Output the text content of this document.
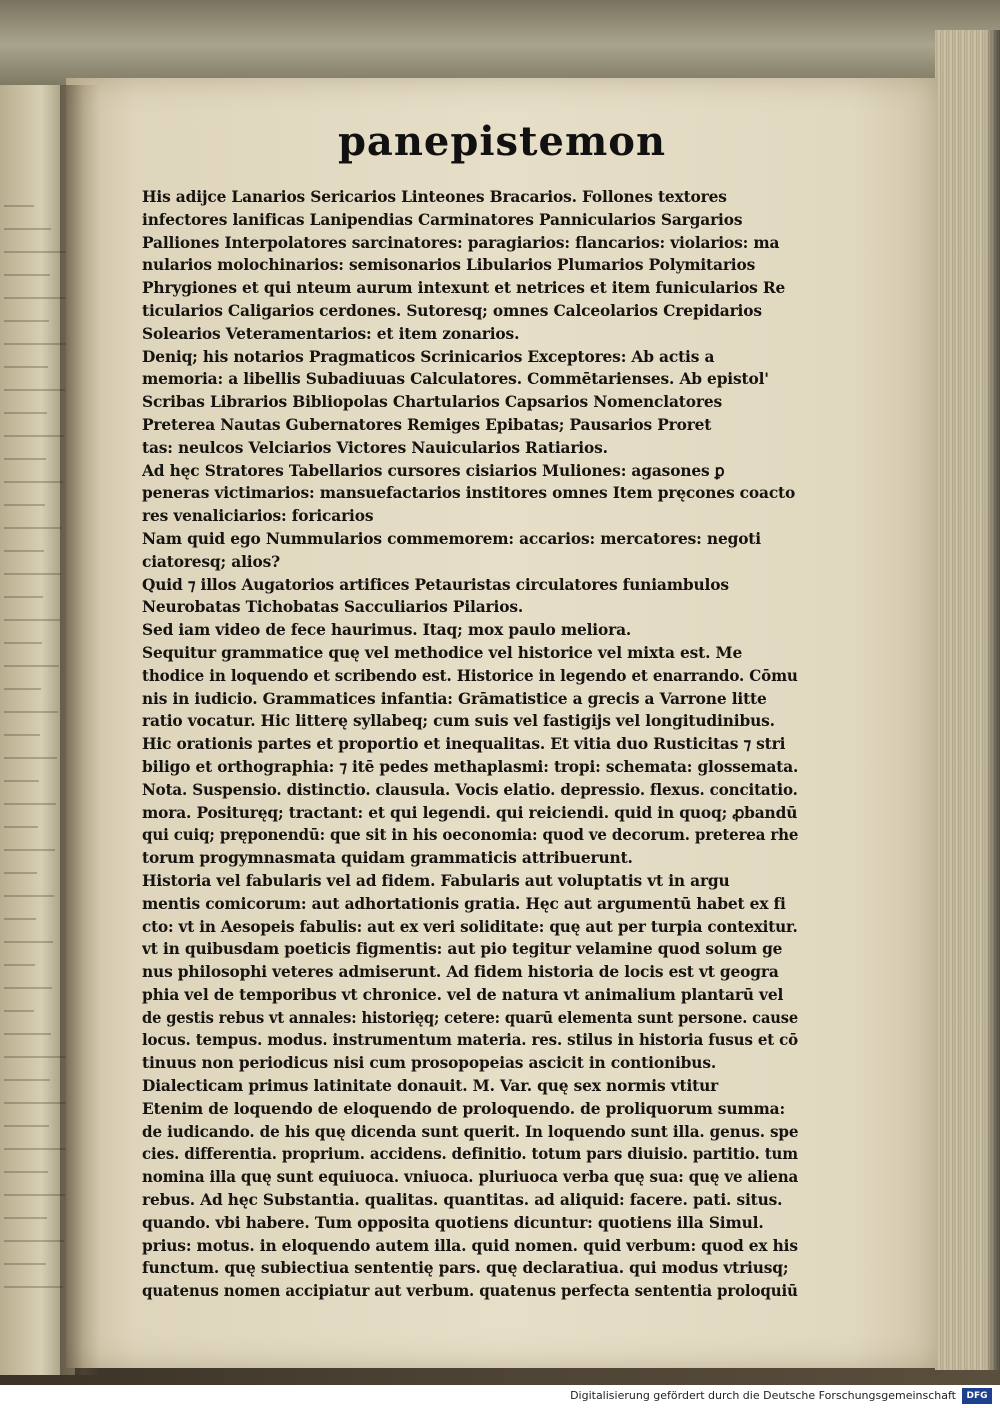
panepistemon
His adijce Lanarios Sericarios Linteones Bracarios. Follones textores
infectores lanificas Lanipendias Carminatores Pannicularios Sargarios
Palliones Interpolatores sarcinatores: paragiarios: flancarios: violarios: ma
nularios molochinarios: semisonarios Libularios Plumarios Polymitarios
Phrygiones et qui nteum aurum intexunt et netrices et item funicularios Re
ticularios Caligarios cerdones. Sutoresq; omnes Calceolarios Crepidarios
Solearios Veteramentarios: et item zonarios.
Deniq; his notarios Pragmaticos Scrinicarios Exceptores: Ab actis a
memoria: a libellis Subadiuuas Calculatores. Commētarienses. Ab epistol'
Scribas Librarios Bibliopolas Chartularios Capsarios Nomenclatores
Preterea Nautas Gubernatores Remiges Epibatas; Pausarios Proret
tas: neulcos Velciarios Victores Nauicularios Ratiarios.
Ad hęc Stratores Tabellarios cursores cisiarios Muliones: agasones ꝑ
peneras victimarios: mansuefactarios institores omnes Item pręcones coacto
res venaliciarios: foricarios
Nam quid ego Nummularios commemorem: accarios: mercatores: negoti
ciatoresq; alios?
Quid ⁊ illos Augatorios artifices Petauristas circulatores funiambulos
Neurobatas Tichobatas Sacculiarios Pilarios.
Sed iam video de fece haurimus. Itaq; mox paulo meliora.
Sequitur grammatice quę vel methodice vel historice vel mixta est. Me
thodice in loquendo et scribendo est. Historice in legendo et enarrando. Cōmu
nis in iudicio. Grammatices infantia: Grāmatistice a grecis a Varrone litte
ratio vocatur. Hic litterę syllabeq; cum suis vel fastigijs vel longitudinibus.
Hic orationis partes et proportio et inequalitas. Et vitia duo Rusticitas ⁊ stri
biligo et orthographia: ⁊ itē pedes methaplasmi: tropi: schemata: glossemata.
Nota. Suspensio. distinctio. clausula. Vocis elatio. depressio. flexus. concitatio.
mora. Posituręq; tractant: et qui legendi. qui reiciendi. quid in quoq; ꝓbandū
qui cuiq; pręponendū: que sit in his oeconomia: quod ve decorum. preterea rhe
torum progymnasmata quidam grammaticis attribuerunt.
Historia vel fabularis vel ad fidem. Fabularis aut voluptatis vt in argu
mentis comicorum: aut adhortationis gratia. Hęc aut argumentū habet ex fi
cto: vt in Aesopeis fabulis: aut ex veri soliditate: quę aut per turpia contexitur.
vt in quibusdam poeticis figmentis: aut pio tegitur velamine quod solum ge
nus philosophi veteres admiserunt. Ad fidem historia de locis est vt geogra
phia vel de temporibus vt chronice. vel de natura vt animalium plantarū vel
de gestis rebus vt annales: historięq; cetere: quarū elementa sunt persone. cause
locus. tempus. modus. instrumentum materia. res. stilus in historia fusus et cō
tinuus non periodicus nisi cum prosopopeias ascicit in contionibus.
Dialecticam primus latinitate donauit. M. Var. quę sex normis vtitur
Etenim de loquendo de eloquendo de proloquendo. de proliquorum summa:
de iudicando. de his quę dicenda sunt querit. In loquendo sunt illa. genus. spe
cies. differentia. proprium. accidens. definitio. totum pars diuisio. partitio. tum
nomina illa quę sunt equiuoca. vniuoca. pluriuoca verba quę sua: quę ve aliena
rebus. Ad hęc Substantia. qualitas. quantitas. ad aliquid: facere. pati. situs.
quando. vbi habere. Tum opposita quotiens dicuntur: quotiens illa Simul.
prius: motus. in eloquendo autem illa. quid nomen. quid verbum: quod ex his
functum. quę subiectiua sententię pars. quę declaratiua. qui modus vtriusq;
quatenus nomen accipiatur aut verbum. quatenus perfecta sententia proloquiū
Digitalisierung gefördert durch die Deutsche Forschungsgemeinschaft	DFG
